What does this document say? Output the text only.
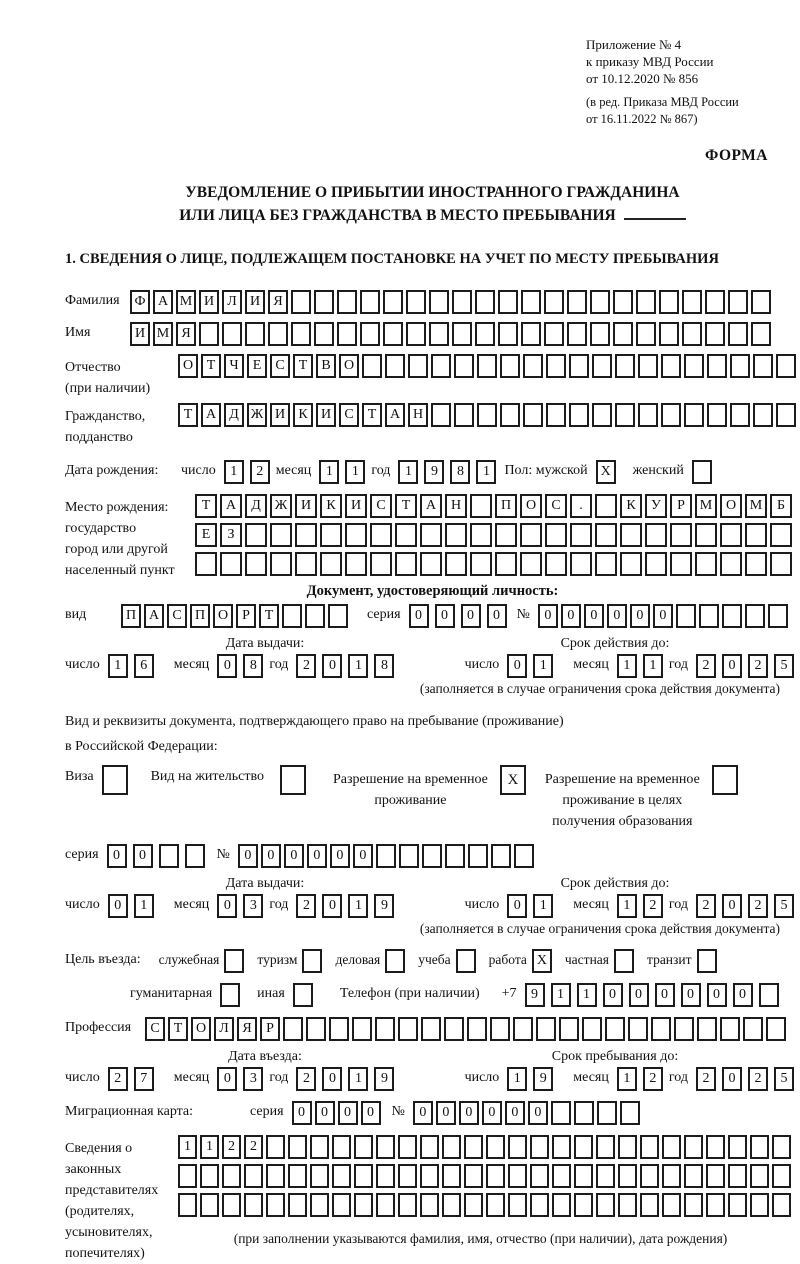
Приложение № 4
к приказу МВД России
от 10.12.2020 № 856
(в ред. Приказа МВД России
от 16.11.2022 № 867)
ФОРМА
УВЕДОМЛЕНИЕ О ПРИБЫТИИ ИНОСТРАННОГО ГРАЖДАНИНА
ИЛИ ЛИЦА БЕЗ ГРАЖДАНСТВА В МЕСТО ПРЕБЫВАНИЯ
1. СВЕДЕНИЯ О ЛИЦЕ, ПОДЛЕЖАЩЕМ ПОСТАНОВКЕ НА УЧЕТ ПО МЕСТУ ПРЕБЫВАНИЯ
Фамилия	Ф А М И Л И Я

Имя	И М Я

Отчество
(при наличии)
О Т	Ч	Е	С	Т	В О

Гражданство,
подданство
Т А Д Ж И К И С	Т А Н

Дата рождения:	число	1	2 месяц	1	1 год	1	9	8	1	Пол: мужской X	женский

Место рождения:
государство
город или другой
населенный пункт
Т	А	Д Ж И	К	И	С	Т	А	Н
	П	О	С	.
	К	У	Р	М О М	Б
Е	З

Документ, удостоверяющий личность:
вид	П А С П О	Р	Т

	серия	0	0	0	0	№	0	0	0	0	0	0

Дата выдачи:	Срок действия до:
число	1	6	месяц	0	8 год	2	0	1	8	число	0	1	месяц	1	1 год	2	0	2	5
(заполняется в случае ограничения срока действия документа)
Вид и реквизиты документа, подтверждающего право на пребывание (проживание)
в Российской Федерации:
Виза
	Вид на жительство
	Разрешение на временное
проживание
X	Разрешение на временное
проживание в целях
получения образования

серия	0	0

	№	0	0	0	0	0	0

Дата выдачи:	Срок действия до:
число	0	1	месяц	0	3 год	2	0	1	9	число	0	1	месяц	1	2 год	2	0	2	5
(заполняется в случае ограничения срока действия документа)
Цель въезда:	служебная
	туризм
	деловая
	учеба
	работа X	частная
	транзит

гуманитарная
	иная
	Телефон (при наличии)	+7	9	1	1	0	0	0	0	0	0

Профессия	С	Т О Л Я	Р

Дата въезда:	Срок пребывания до:
число	2	7	месяц	0	3 год	2	0	1	9	число	1	9	месяц	1	2 год	2	0	2	5
Миграционная карта:	серия	0	0	0	0	№	0	0	0	0	0	0

Сведения о
законных
представителях
(родителях,
усыновителях,
попечителях)
1	1	2	2

(при заполнении указываются фамилия, имя, отчество (при наличии), дата рождения)
